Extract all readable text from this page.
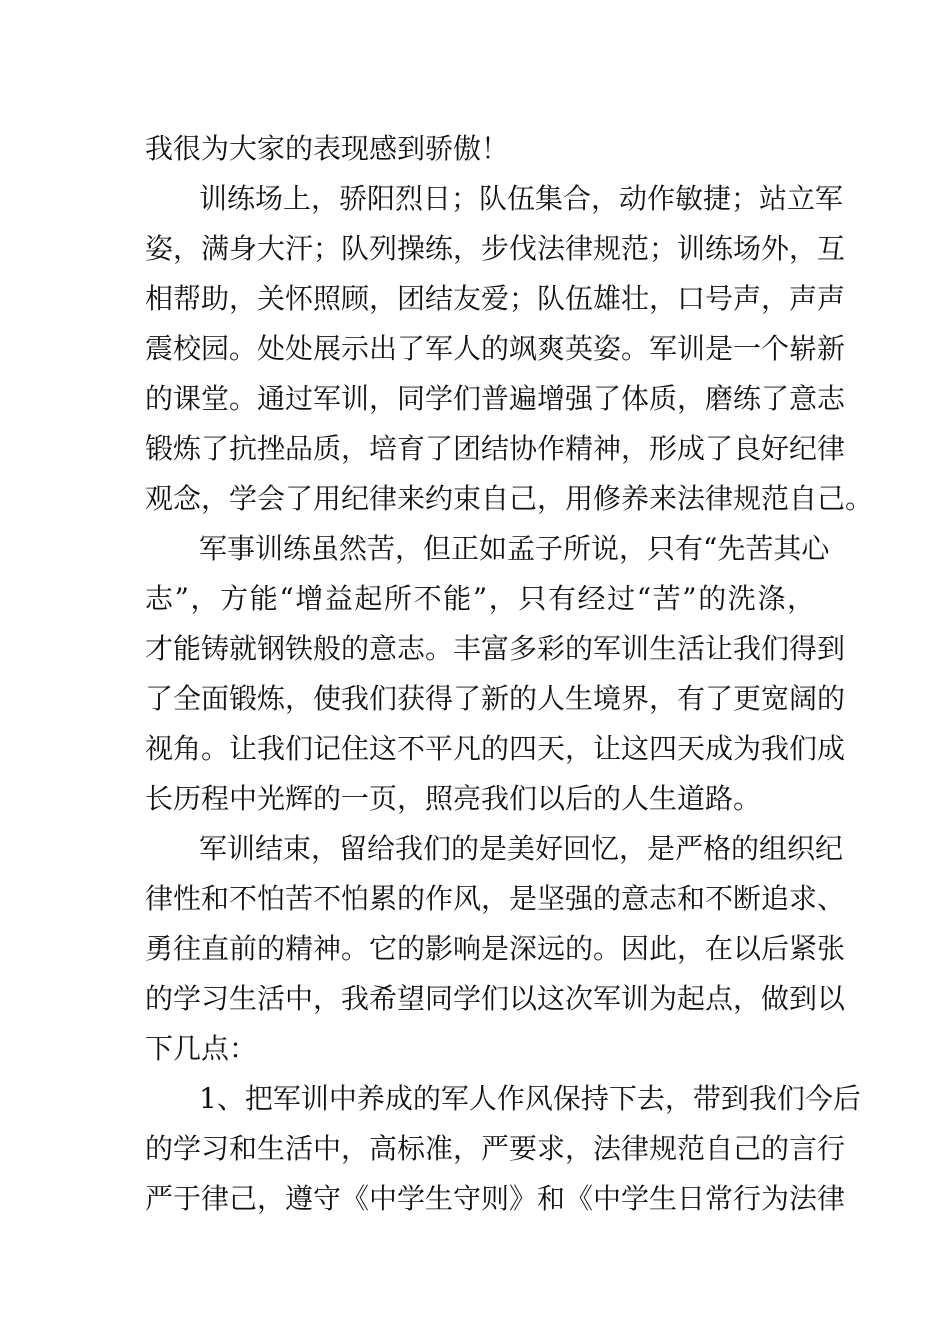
我很为大家的表现感到骄傲！
训练场上，骄阳烈日；队伍集合，动作敏捷；站立军
姿，满身大汗；队列操练，步伐法律规范；训练场外，互
相帮助，关怀照顾，团结友爱；队伍雄壮，口号声，声声
震校园。处处展示出了军人的飒爽英姿。军训是一个崭新
的课堂。通过军训，同学们普遍增强了体质，磨练了意志
锻炼了抗挫品质，培育了团结协作精神，形成了良好纪律
观念，学会了用纪律来约束自己，用修养来法律规范自己。
军事训练虽然苦，但正如孟子所说，只有“先苦其心
志”，方能“增益起所不能”，只有经过“苦”的洗涤，
才能铸就钢铁般的意志。丰富多彩的军训生活让我们得到
了全面锻炼，使我们获得了新的人生境界，有了更宽阔的
视角。让我们记住这不平凡的四天，让这四天成为我们成
长历程中光辉的一页，照亮我们以后的人生道路。
军训结束，留给我们的是美好回忆，是严格的组织纪
律性和不怕苦不怕累的作风，是坚强的意志和不断追求、
勇往直前的精神。它的影响是深远的。因此，在以后紧张
的学习生活中，我希望同学们以这次军训为起点，做到以
下几点：
1、把军训中养成的军人作风保持下去，带到我们今后
的学习和生活中，高标准，严要求，法律规范自己的言行
严于律己，遵守《中学生守则》和《中学生日常行为法律
